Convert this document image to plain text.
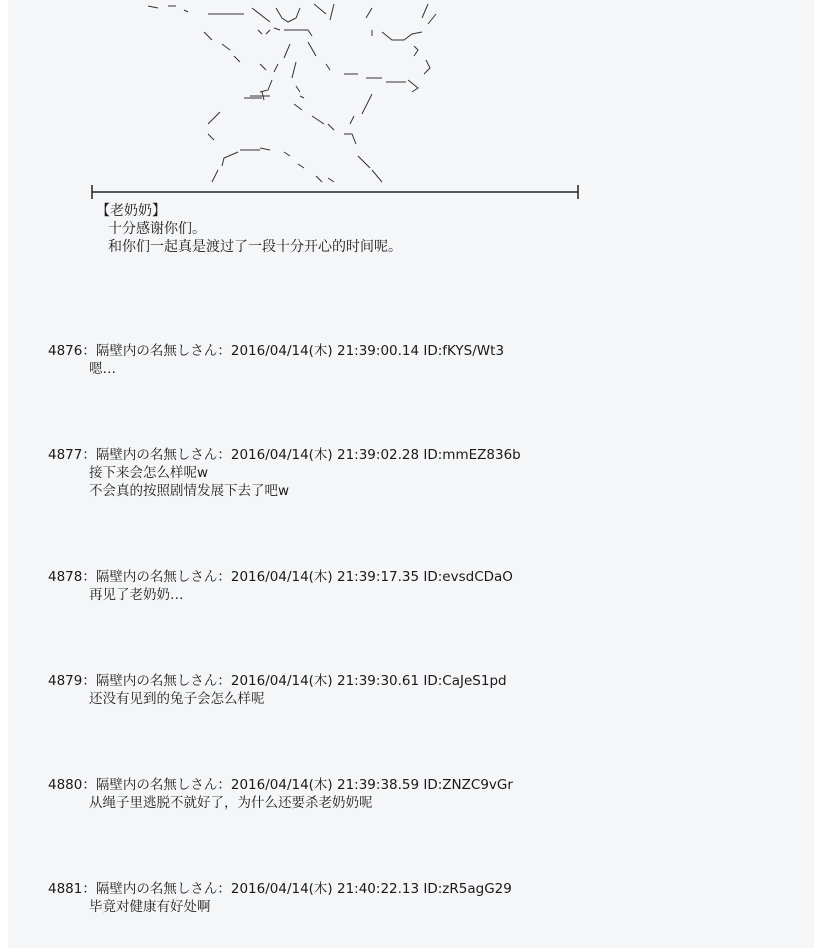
【老奶奶】
十分感谢你们。
和你们一起真是渡过了一段十分开心的时间呢。
4876：隔壁内の名無しさん：2016/04/14(木) 21:39:00.14 ID:fKYS/Wt3
嗯…
4877：隔壁内の名無しさん：2016/04/14(木) 21:39:02.28 ID:mmEZ836b
接下来会怎么样呢w
不会真的按照剧情发展下去了吧w
4878：隔壁内の名無しさん：2016/04/14(木) 21:39:17.35 ID:evsdCDaO
再见了老奶奶…
4879：隔壁内の名無しさん：2016/04/14(木) 21:39:30.61 ID:CaJeS1pd
还没有见到的兔子会怎么样呢
4880：隔壁内の名無しさん：2016/04/14(木) 21:39:38.59 ID:ZNZC9vGr
从绳子里逃脱不就好了，为什么还要杀老奶奶呢
4881：隔壁内の名無しさん：2016/04/14(木) 21:40:22.13 ID:zR5agG29
毕竟对健康有好处啊
